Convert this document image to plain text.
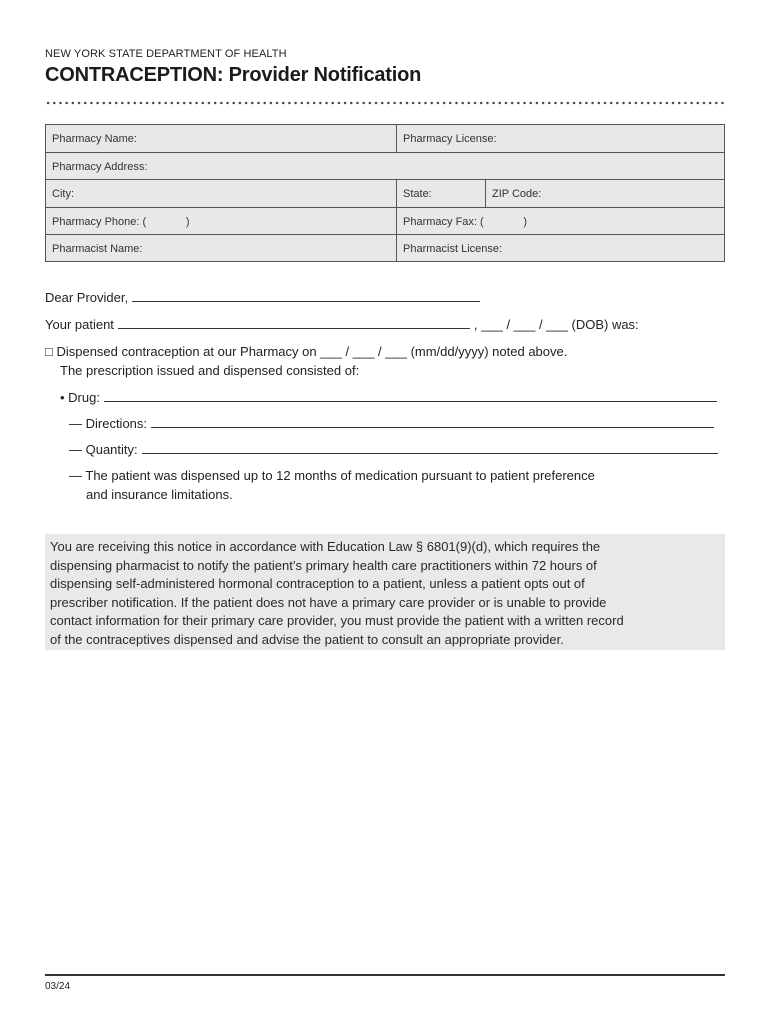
NEW YORK STATE DEPARTMENT OF HEALTH
CONTRACEPTION: Provider Notification
Pharmacy Name:	Pharmacy License:
Pharmacy Address:
City:	State:	ZIP Code:
Pharmacy Phone: (             )	Pharmacy Fax: (             )
Pharmacist Name:	Pharmacist License:
Dear Provider,
Your patient	, ___ / ___ / ___ (DOB) was:
□ Dispensed contraception at our Pharmacy on ___ / ___ / ___ (mm/dd/yyyy) noted above.
The prescription issued and dispensed consisted of:
• Drug:
— Directions:
— Quantity:
— The patient was dispensed up to 12 months of medication pursuant to patient preference
and insurance limitations.
You are receiving this notice in accordance with Education Law § 6801(9)(d), which requires the
dispensing pharmacist to notify the patient’s primary health care practitioners within 72 hours of
dispensing self-administered hormonal contraception to a patient, unless a patient opts out of
prescriber notification. If the patient does not have a primary care provider or is unable to provide
contact information for their primary care provider, you must provide the patient with a written record
of the contraceptives dispensed and advise the patient to consult an appropriate provider.
03/24
